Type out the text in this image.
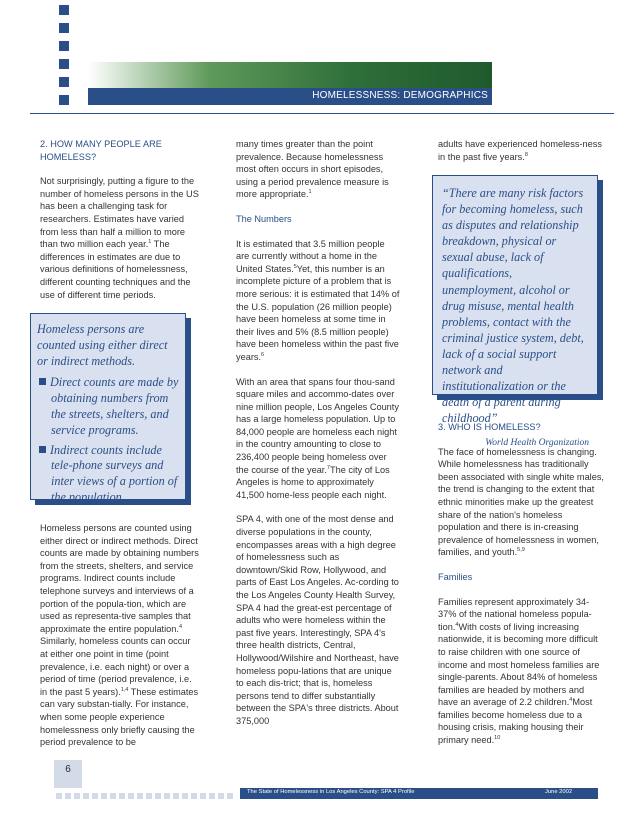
HOMELESSNESS: DEMOGRAPHICS
2. HOW MANY PEOPLE ARE HOMELESS?

Not surprisingly, putting a figure to the number of homeless persons in the US has been a challenging task for researchers. Estimates have varied from less than half a million to more than two million each year.$^1$ The differences in estimates are due to various definitions of homelessness, different counting techniques and the use of different time periods.

Homeless persons are counted using either direct or indirect methods.
Direct counts are made by obtaining numbers from the streets, shelters, and service programs.
Indirect counts include tele-phone surveys and inter views of a portion of the population.

Homeless persons are counted using either direct or indirect methods. Direct counts are made by obtaining numbers from the streets, shelters, and service programs. Indirect counts include telephone surveys and interviews of a portion of the popula-tion, which are used as representa-tive samples that approximate the entire population.$^4$ Similarly, homeless counts can occur at either one point in time (point prevalence, i.e. each night) or over a period of time (period prevalence, i.e. in the past 5 years).$^{1,4}$ These estimates can vary substan-tially. For instance, when some people experience homelessness only briefly causing the period prevalence to be

many times greater than the point prevalence. Because homelessness most often occurs in short episodes, using a period prevalence measure is more appropriate.$^1$

The Numbers

It is estimated that 3.5 million people are currently without a home in the United States.$^5$Yet, this number is an incomplete picture of a problem that is more serious: it is estimated that 14% of the U.S. population (26 million people) have been homeless at some time in their lives and 5% (8.5 million people) have been homeless within the past five years.$^6$

With an area that spans four thou-sand square miles and accommo-dates over nine million people, Los Angeles County has a large homeless population. Up to 84,000 people are homeless each night in the country amounting to close to 236,400 people being homeless over the course of the year.$^7$The city of Los Angeles is home to approximately 41,500 home-less people each night.

SPA 4, with one of the most dense and diverse populations in the county, encompasses areas with a high degree of homelessness such as downtown/Skid Row, Hollywood, and parts of East Los Angeles. Ac-cording to the Los Angeles County Health Survey, SPA 4 had the great-est percentage of adults who were homeless within the past five years. Interestingly, SPA 4's three health districts, Central, Hollywood/Wilshire and Northeast, have homeless popu-lations that are unique to each dis-trict; that is, homeless persons tend to differ substantially between the SPA's three districts. About 375,000

adults have experienced homeless-ness in the past five years.$^8$

“There are many risk factors for becoming homeless, such as disputes and relationship breakdown, physical or sexual abuse, lack of qualifications, unemployment, alcohol or drug misuse, mental health problems, contact with the criminal justice system, debt, lack of a social support network and institutionalization or the death of a parent during childhood”
World Health Organization
3. WHO IS HOMELESS?

The face of homelessness is changing. While homelessness has traditionally been associated with single white males, the trend is changing to the extent that ethnic minorities make up the greatest share of the nation's homeless population and there is in-creasing prevalence of homelessness in women, families, and youth.$^{5,9}$

Families

Families represent approximately 34-37% of the national homeless popula-tion.$^4$With costs of living increasing nationwide, it is becoming more difficult to raise children with one source of income and most homeless families are single-parents. About 84% of homeless families are headed by mothers and have an average of 2.2 children.$^4$Most families become homeless due to a housing crisis, making housing their primary need.$^{10}$

6
The State of Homelessness in Los Angeles County: SPA 4 Profile	June 2002
